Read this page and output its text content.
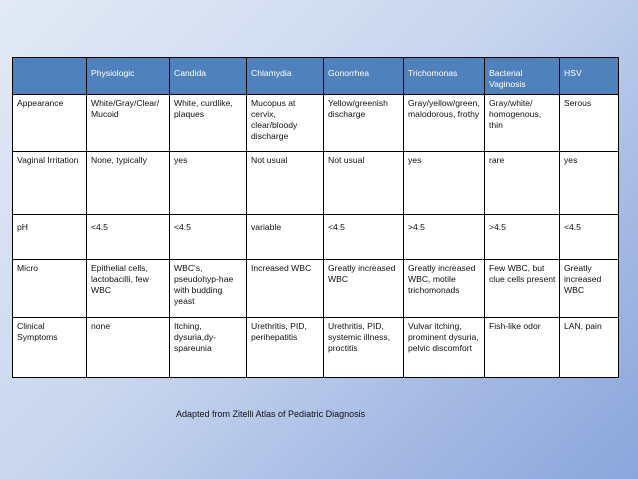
	Physiologic	Candida	Chlamydia	Gonorrhea	Trichomonas	Bacterial Vaginosis	HSV
Appearance	White/Gray/Clear/ Mucoid	White, curdlike, plaques	Mucopus at cervix, clear/bloody discharge	Yellow/greenish discharge	Gray/yellow/green, malodorous, frothy	Gray/white/ homogenous, thin	Serous
Vaginal Irritation	None, typically	yes	Not usual	Not usual	yes	rare	yes
pH	<4.5	<4.5	variable	<4.5	>4.5	>4.5	<4.5
Micro	Epithelial cells, lactobacilli, few WBC	WBC's, pseudohyp-hae with budding yeast	Increased WBC	Greatly increased WBC	Greatly increased WBC, motile trichomonads	Few WBC, but clue cells present	Greatly increased WBC
Clinical Symptoms	none	Itching, dysuria,dy-spareunia	Urethritis, PID, perihepatitis	Urethritis, PID, systemic illness, proctitis	Vulvar itching, prominent dysuria, pelvic discomfort	Fish-like odor	LAN, pain
Adapted from Zitelli Atlas of Pediatric Diagnosis
